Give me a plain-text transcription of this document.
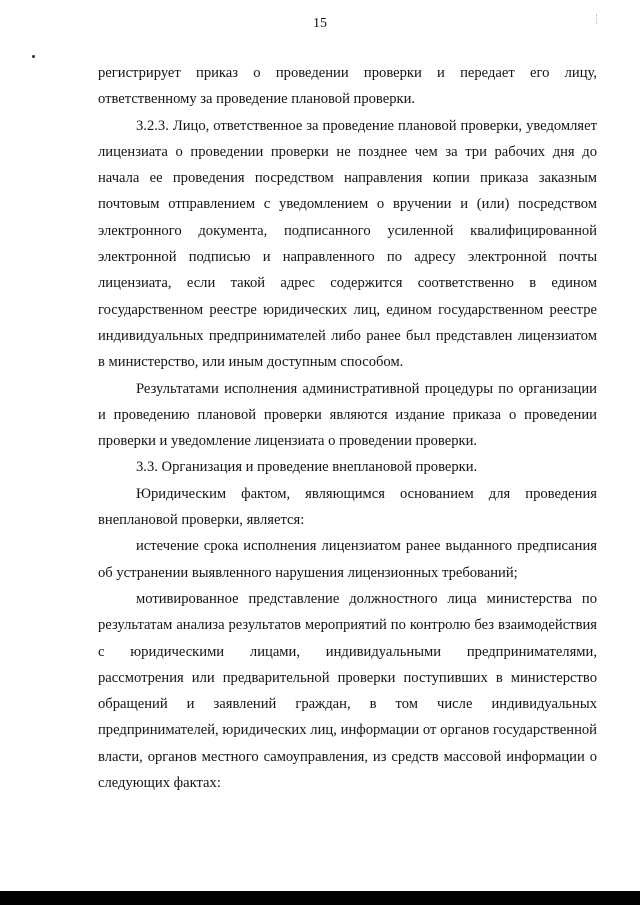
15

регистрирует приказ о проведении проверки и передает его лицу, ответственному за проведение плановой проверки.

3.2.3. Лицо, ответственное за проведение плановой проверки, уведомляет лицензиата о проведении проверки не позднее чем за три рабочих дня до начала ее проведения посредством направления копии приказа заказным почтовым отправлением с уведомлением о вручении и (или) посредством электронного документа, подписанного усиленной квалифицированной электронной подписью и направленного по адресу электронной почты лицензиата, если такой адрес содержится соответственно в едином государственном реестре юридических лиц, едином государственном реестре индивидуальных предпринимателей либо ранее был представлен лицензиатом в министерство, или иным доступным способом.

Результатами исполнения административной процедуры по организации и проведению плановой проверки являются издание приказа о проведении проверки и уведомление лицензиата о проведении проверки.

3.3. Организация и проведение внеплановой проверки.

Юридическим фактом, являющимся основанием для проведения внеплановой проверки, является:

истечение срока исполнения лицензиатом ранее выданного предписания об устранении выявленного нарушения лицензионных требований;

мотивированное представление должностного лица министерства по результатам анализа результатов мероприятий по контролю без взаимодействия с юридическими лицами, индивидуальными предпринимателями, рассмотрения или предварительной проверки поступивших в министерство обращений и заявлений граждан, в том числе индивидуальных предпринимателей, юридических лиц, информации от органов государственной власти, органов местного самоуправления, из средств массовой информации о следующих фактах:
